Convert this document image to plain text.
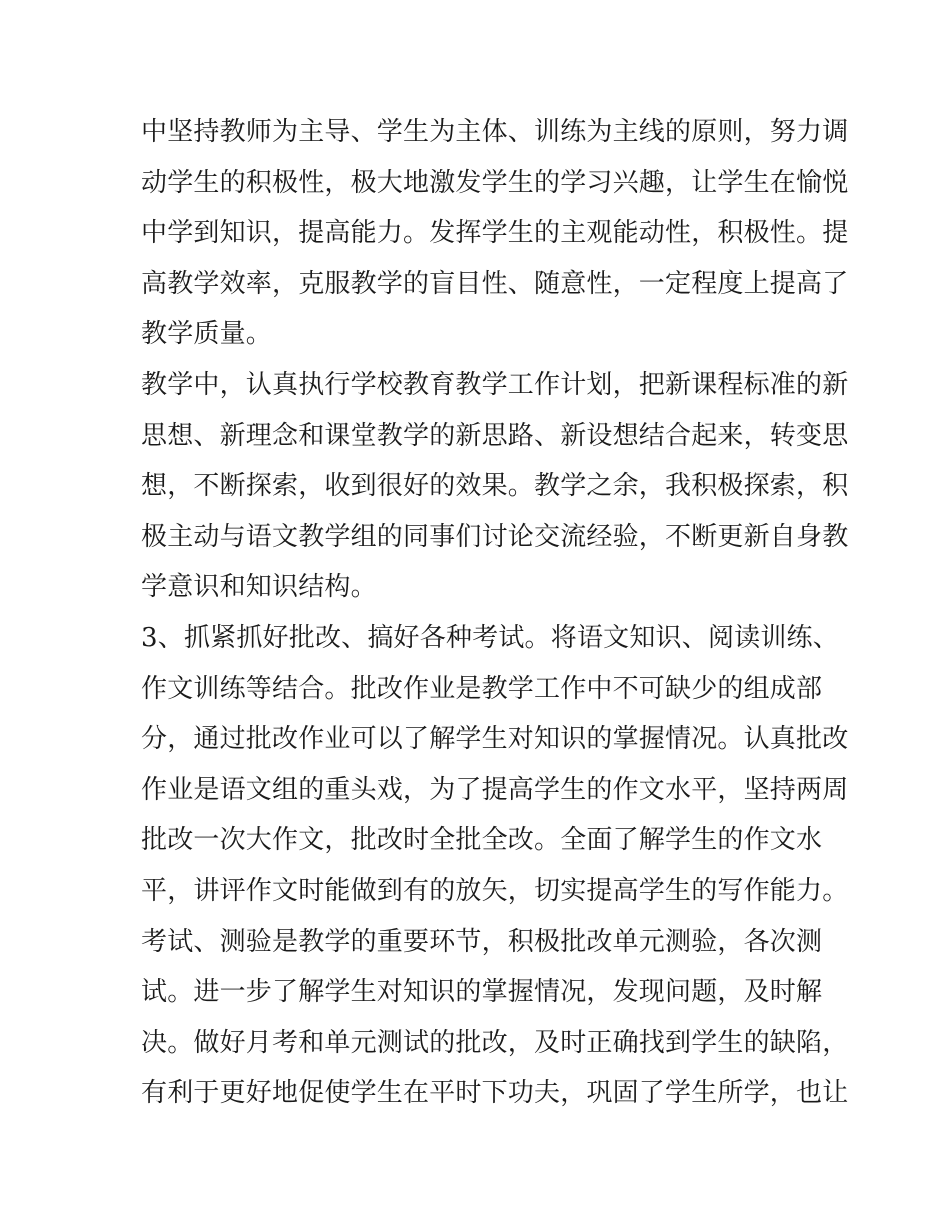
中坚持教师为主导、学生为主体、训练为主线的原则，努力调
动学生的积极性，极大地激发学生的学习兴趣，让学生在愉悦
中学到知识，提高能力。发挥学生的主观能动性，积极性。提
高教学效率，克服教学的盲目性、随意性，一定程度上提高了
教学质量。
教学中，认真执行学校教育教学工作计划，把新课程标准的新
思想、新理念和课堂教学的新思路、新设想结合起来，转变思
想，不断探索，收到很好的效果。教学之余，我积极探索，积
极主动与语文教学组的同事们讨论交流经验，不断更新自身教
学意识和知识结构。
3、抓紧抓好批改、搞好各种考试。将语文知识、阅读训练、
作文训练等结合。批改作业是教学工作中不可缺少的组成部
分，通过批改作业可以了解学生对知识的掌握情况。认真批改
作业是语文组的重头戏，为了提高学生的作文水平，坚持两周
批改一次大作文，批改时全批全改。全面了解学生的作文水
平，讲评作文时能做到有的放矢，切实提高学生的写作能力。
考试、测验是教学的重要环节，积极批改单元测验，各次测
试。进一步了解学生对知识的掌握情况，发现问题，及时解
决。做好月考和单元测试的批改，及时正确找到学生的缺陷，
有利于更好地促使学生在平时下功夫，巩固了学生所学，也让
